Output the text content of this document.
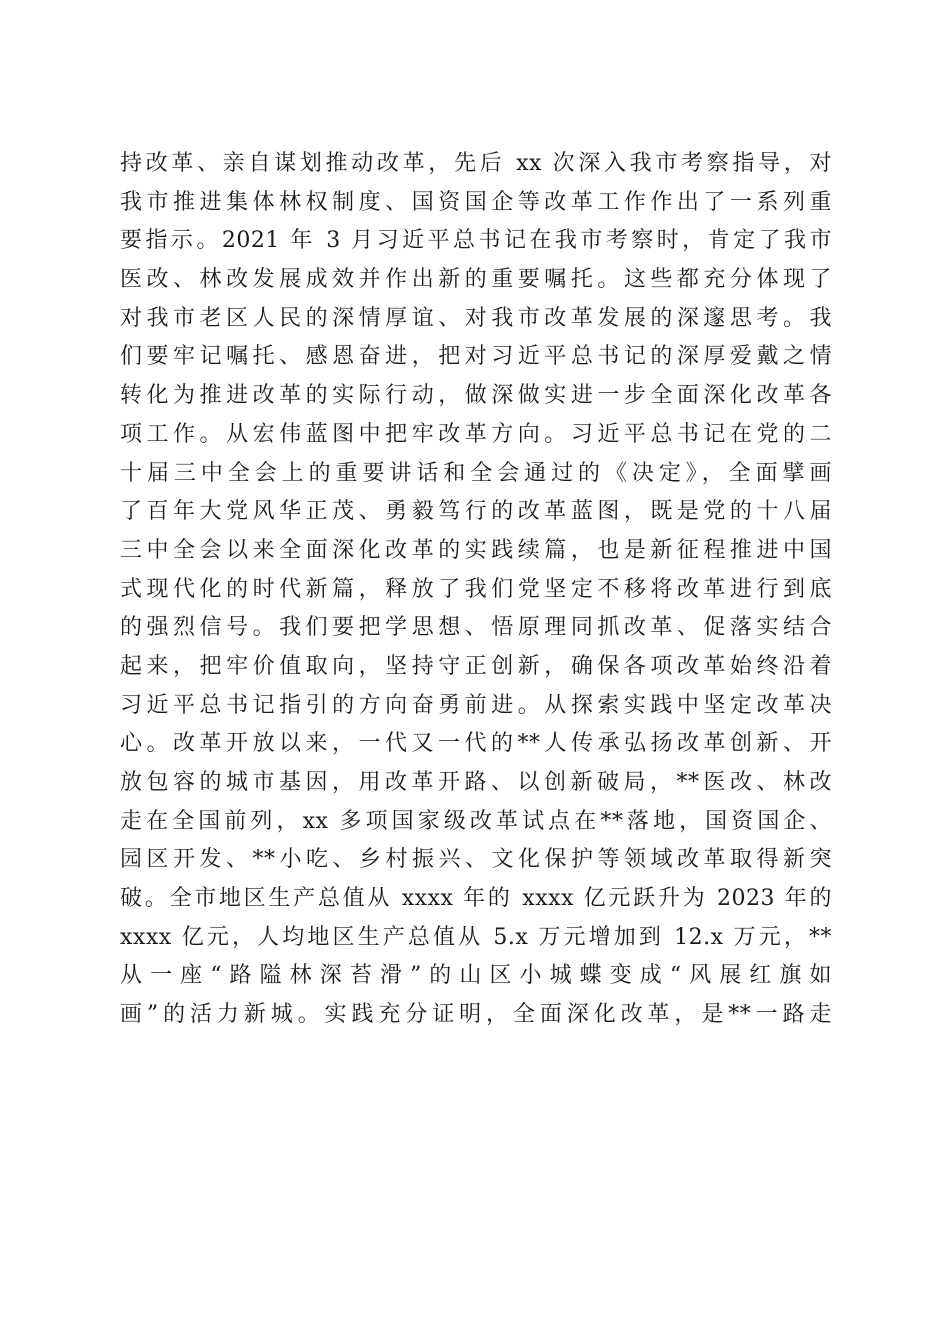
持改革、亲自谋划推动改革，先后 xx 次深入我市考察指导，对
我市推进集体林权制度、国资国企等改革工作作出了一系列重
要指示。2021 年 3 月习近平总书记在我市考察时，肯定了我市
医改、林改发展成效并作出新的重要嘱托。这些都充分体现了
对我市老区人民的深情厚谊、对我市改革发展的深邃思考。我
们要牢记嘱托、感恩奋进，把对习近平总书记的深厚爱戴之情
转化为推进改革的实际行动，做深做实进一步全面深化改革各
项工作。从宏伟蓝图中把牢改革方向。习近平总书记在党的二
十届三中全会上的重要讲话和全会通过的《决定》，全面擘画
了百年大党风华正茂、勇毅笃行的改革蓝图，既是党的十八届
三中全会以来全面深化改革的实践续篇，也是新征程推进中国
式现代化的时代新篇，释放了我们党坚定不移将改革进行到底
的强烈信号。我们要把学思想、悟原理同抓改革、促落实结合
起来，把牢价值取向，坚持守正创新，确保各项改革始终沿着
习近平总书记指引的方向奋勇前进。从探索实践中坚定改革决
心。改革开放以来，一代又一代的**人传承弘扬改革创新、开
放包容的城市基因，用改革开路、以创新破局，**医改、林改
走在全国前列，xx 多项国家级改革试点在**落地，国资国企、
园区开发、**小吃、乡村振兴、文化保护等领域改革取得新突
破。全市地区生产总值从 xxxx 年的 xxxx 亿元跃升为 2023 年的
xxxx 亿元，人均地区生产总值从 5.x 万元增加到 12.x 万元，**
从一座“路隘林深苔滑”的山区小城蝶变成“风展红旗如
画”的活力新城。实践充分证明，全面深化改革，是**一路走
